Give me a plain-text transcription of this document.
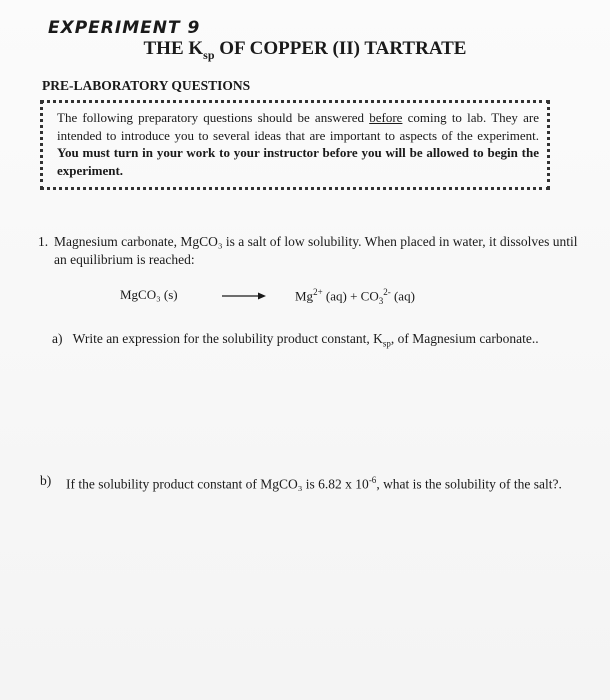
EXPERIMENT 9
THE $K_{sp}$ OF COPPER (II) TARTRATE
PRE-LABORATORY QUESTIONS
The following preparatory questions should be answered before coming to lab. They are intended to introduce you to several ideas that are important to aspects of the experiment. You must turn in your work to your instructor before you will be allowed to begin the experiment.
1. Magnesium carbonate, MgCO₃ is a salt of low solubility. When placed in water, it dissolves until an equilibrium is reached:
MgCO₃ (s)	$Mg^{2+}$ $(aq) + CO_3^{2-}$ (aq)
a) Write an expression for the solubility product constant, $K_{sp}$, of Magnesium carbonate..
b) If the solubility product constant of MgCO₃ is 6.82 x $10^{-6}$, what is the solubility of the salt?.
